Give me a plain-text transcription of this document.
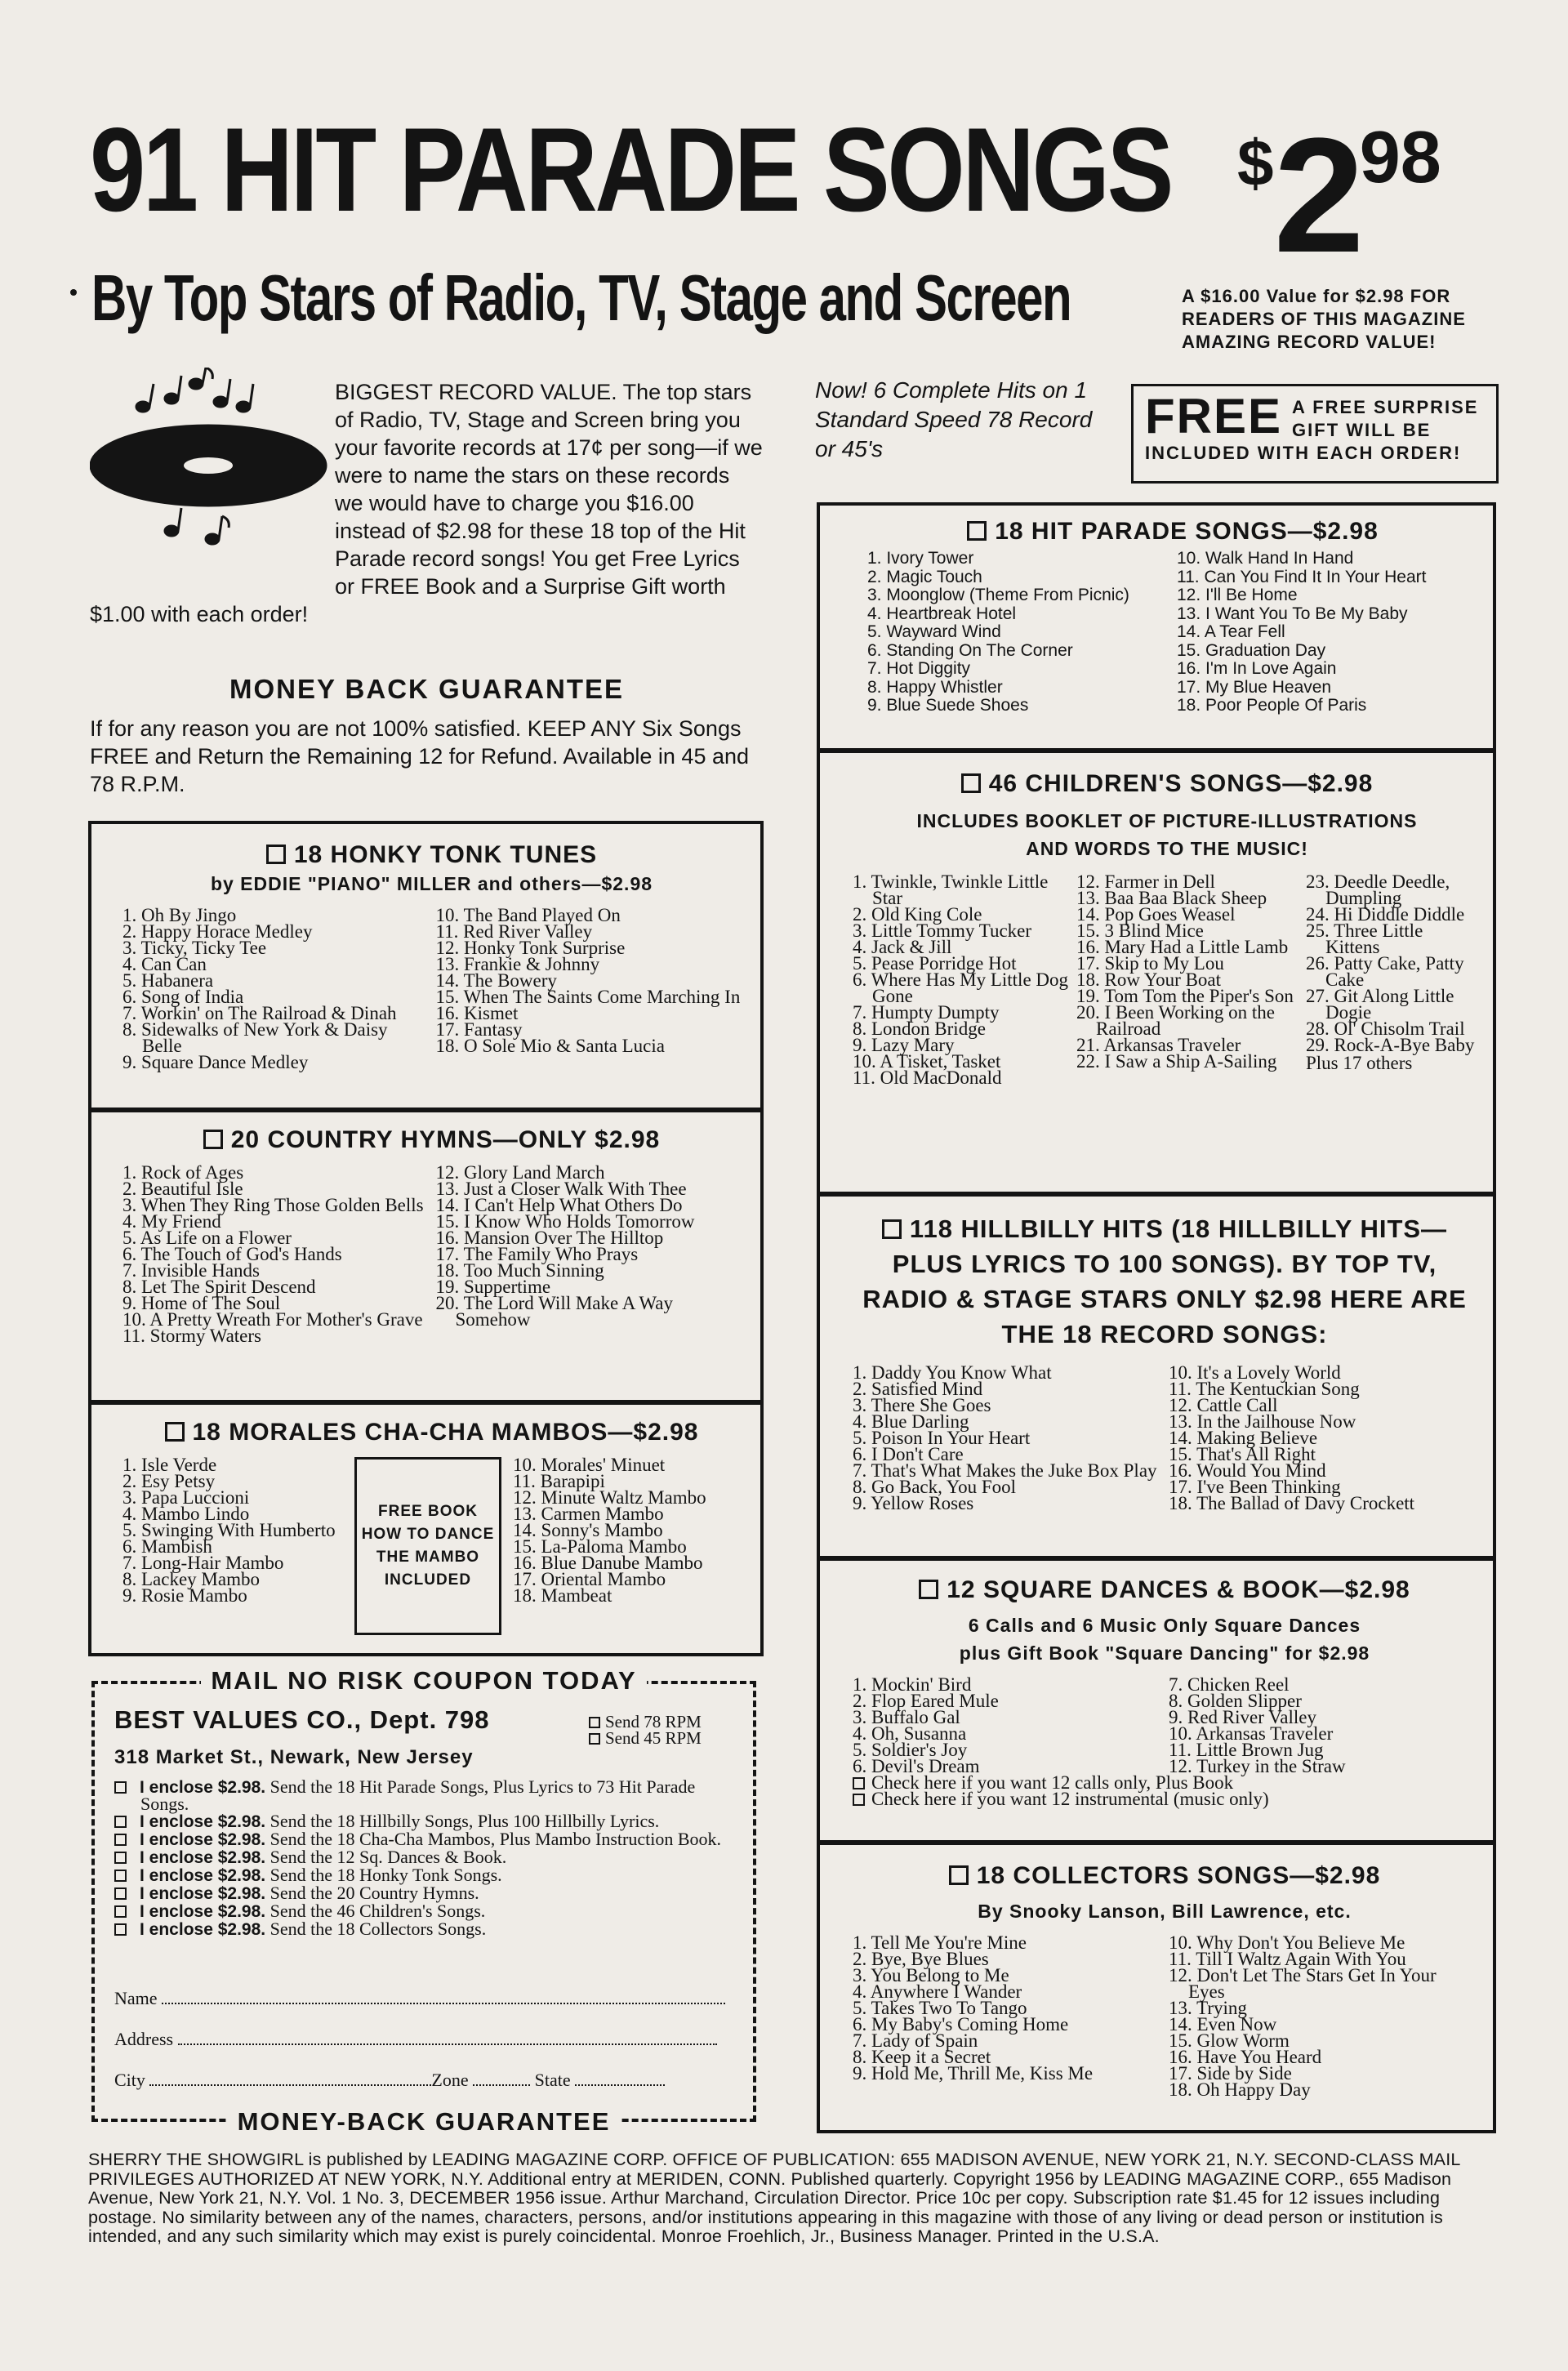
91 HIT PARADE SONGS $298
By Top Stars of Radio, TV, Stage and Screen	A $16.00 Value for $2.98 FOR READERS OF THIS MAGAZINE AMAZING RECORD VALUE!
BIGGEST RECORD VALUE. The top stars of Radio, TV, Stage and Screen bring you your favorite records at 17¢ per song—if we were to name the stars on these records we would have to charge you $16.00 instead of $2.98 for these 18 top of the Hit Parade record songs! You get Free Lyrics or FREE Book and a Surprise Gift worth $1.00 with each order!
MONEY BACK GUARANTEE
If for any reason you are not 100% satisfied. KEEP ANY Six Songs FREE and Return the Remaining 12 for Refund. Available in 45 and 78 R.P.M.
Now! 6 Complete Hits on 1 Standard Speed 78 Record or 45's
FREE A FREE SURPRISE GIFT WILL BE INCLUDED WITH EACH ORDER!
18 HONKY TONK TUNES
by EDDIE "PIANO" MILLER and others—$2.98
1. Oh By Jingo
2. Happy Horace Medley
3. Ticky, Ticky Tee
4. Can Can
5. Habanera
6. Song of India
7. Workin' on The Railroad & Dinah
8. Sidewalks of New York & Daisy Belle
9. Square Dance Medley
10. The Band Played On
11. Red River Valley
12. Honky Tonk Surprise
13. Frankie & Johnny
14. The Bowery
15. When The Saints Come Marching In
16. Kismet
17. Fantasy
18. O Sole Mio & Santa Lucia
20 COUNTRY HYMNS—ONLY $2.98
1. Rock of Ages
2. Beautiful Isle
3. When They Ring Those Golden Bells
4. My Friend
5. As Life on a Flower
6. The Touch of God's Hands
7. Invisible Hands
8. Let The Spirit Descend
9. Home of The Soul
10. A Pretty Wreath For Mother's Grave
11. Stormy Waters
12. Glory Land March
13. Just a Closer Walk With Thee
14. I Can't Help What Others Do
15. I Know Who Holds Tomorrow
16. Mansion Over The Hilltop
17. The Family Who Prays
18. Too Much Sinning
19. Suppertime
20. The Lord Will Make A Way Somehow
18 MORALES CHA-CHA MAMBOS—$2.98
1. Isle Verde
2. Esy Petsy
3. Papa Luccioni
4. Mambo Lindo
5. Swinging With Humberto
6. Mambish
7. Long-Hair Mambo
8. Lackey Mambo
9. Rosie Mambo
FREE BOOK HOW TO DANCE THE MAMBO INCLUDED
10. Morales' Minuet
11. Barapipi
12. Minute Waltz Mambo
13. Carmen Mambo
14. Sonny's Mambo
15. La-Paloma Mambo
16. Blue Danube Mambo
17. Oriental Mambo
18. Mambeat
18 HIT PARADE SONGS—$2.98
1. Ivory Tower
2. Magic Touch
3. Moonglow (Theme From Picnic)
4. Heartbreak Hotel
5. Wayward Wind
6. Standing On The Corner
7. Hot Diggity
8. Happy Whistler
9. Blue Suede Shoes
10. Walk Hand In Hand
11. Can You Find It In Your Heart
12. I'll Be Home
13. I Want You To Be My Baby
14. A Tear Fell
15. Graduation Day
16. I'm In Love Again
17. My Blue Heaven
18. Poor People Of Paris
46 CHILDREN'S SONGS—$2.98
INCLUDES BOOKLET OF PICTURE-ILLUSTRATIONS AND WORDS TO THE MUSIC!
1. Twinkle, Twinkle Little Star
2. Old King Cole
3. Little Tommy Tucker
4. Jack & Jill
5. Pease Porridge Hot
6. Where Has My Little Dog Gone
7. Humpty Dumpty
8. London Bridge
9. Lazy Mary
10. A Tisket, Tasket
11. Old MacDonald
12. Farmer in Dell
13. Baa Baa Black Sheep
14. Pop Goes Weasel
15. 3 Blind Mice
16. Mary Had a Little Lamb
17. Skip to My Lou
18. Row Your Boat
19. Tom Tom the Piper's Son
20. I Been Working on the Railroad
21. Arkansas Traveler
22. I Saw a Ship A-Sailing
23. Deedle Deedle, Dumpling
24. Hi Diddle Diddle
25. Three Little Kittens
26. Patty Cake, Patty Cake
27. Git Along Little Dogie
28. Ol' Chisolm Trail
29. Rock-A-Bye Baby
Plus 17 others
118 HILLBILLY HITS (18 HILLBILLY HITS— PLUS LYRICS TO 100 SONGS). BY TOP TV, RADIO & STAGE STARS ONLY $2.98 HERE ARE THE 18 RECORD SONGS:
1. Daddy You Know What
2. Satisfied Mind
3. There She Goes
4. Blue Darling
5. Poison In Your Heart
6. I Don't Care
7. That's What Makes the Juke Box Play
8. Go Back, You Fool
9. Yellow Roses
10. It's a Lovely World
11. The Kentuckian Song
12. Cattle Call
13. In the Jailhouse Now
14. Making Believe
15. That's All Right
16. Would You Mind
17. I've Been Thinking
18. The Ballad of Davy Crockett
12 SQUARE DANCES & BOOK—$2.98
6 Calls and 6 Music Only Square Dances
plus Gift Book "Square Dancing" for $2.98
1. Mockin' Bird
2. Flop Eared Mule
3. Buffalo Gal
4. Oh, Susanna
5. Soldier's Joy
6. Devil's Dream
7. Chicken Reel
8. Golden Slipper
9. Red River Valley
10. Arkansas Traveler
11. Little Brown Jug
12. Turkey in the Straw
Check here if you want 12 calls only, Plus Book
Check here if you want 12 instrumental (music only)
18 COLLECTORS SONGS—$2.98
By Snooky Lanson, Bill Lawrence, etc.
1. Tell Me You're Mine
2. Bye, Bye Blues
3. You Belong to Me
4. Anywhere I Wander
5. Takes Two To Tango
6. My Baby's Coming Home
7. Lady of Spain
8. Keep it a Secret
9. Hold Me, Thrill Me, Kiss Me
10. Why Don't You Believe Me
11. Till I Waltz Again With You
12. Don't Let The Stars Get In Your Eyes
13. Trying
14. Even Now
15. Glow Worm
16. Have You Heard
17. Side by Side
18. Oh Happy Day
MAIL NO RISK COUPON TODAY
BEST VALUES CO., Dept. 798	Send 78 RPM
Send 45 RPM
318 Market St., Newark, New Jersey
I enclose $2.98. Send the 18 Hit Parade Songs, Plus Lyrics to 73 Hit Parade Songs.
I enclose $2.98. Send the 18 Hillbilly Songs, Plus 100 Hillbilly Lyrics.
I enclose $2.98. Send the 18 Cha-Cha Mambos, Plus Mambo Instruction Book.
I enclose $2.98. Send the 12 Sq. Dances & Book.
I enclose $2.98. Send the 18 Honky Tonk Songs.
I enclose $2.98. Send the 20 Country Hymns.
I enclose $2.98. Send the 46 Children's Songs.
I enclose $2.98. Send the 18 Collectors Songs.
Name
Address
City	Zone	State
MONEY-BACK GUARANTEE
SHERRY THE SHOWGIRL is published by LEADING MAGAZINE CORP. OFFICE OF PUBLICATION: 655 MADISON AVENUE, NEW YORK 21, N.Y. SECOND-CLASS MAIL PRIVILEGES AUTHORIZED AT NEW YORK, N.Y. Additional entry at MERIDEN, CONN. Published quarterly. Copyright 1956 by LEADING MAGAZINE CORP., 655 Madison Avenue, New York 21, N.Y. Vol. 1 No. 3, DECEMBER 1956 issue. Arthur Marchand, Circulation Director. Price 10c per copy. Subscription rate $1.45 for 12 issues including postage. No similarity between any of the names, characters, persons, and/or institutions appearing in this magazine with those of any living or dead person or institution is intended, and any such similarity which may exist is purely coincidental. Monroe Froehlich, Jr., Business Manager. Printed in the U.S.A.
